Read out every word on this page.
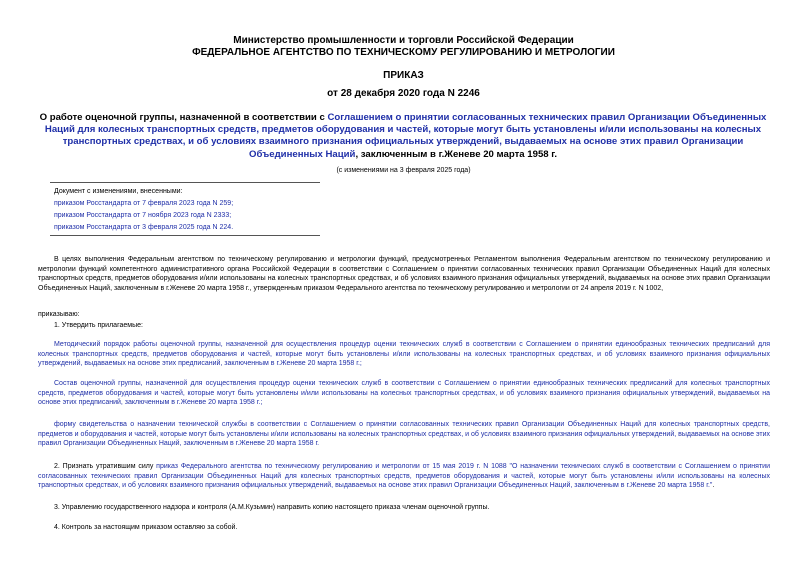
Министерство промышленности и торговли Российской Федерации
ФЕДЕРАЛЬНОЕ АГЕНТСТВО ПО ТЕХНИЧЕСКОМУ РЕГУЛИРОВАНИЮ И МЕТРОЛОГИИ
ПРИКАЗ
от 28 декабря 2020 года N 2246
О работе оценочной группы, назначенной в соответствии с Соглашением о принятии согласованных технических правил Организации Объединенных Наций для колесных транспортных средств, предметов оборудования и частей, которые могут быть установлены и/или использованы на колесных транспортных средствах, и об условиях взаимного признания официальных утверждений, выдаваемых на основе этих правил Организации Объединенных Наций, заключенным в г.Женеве 20 марта 1958 г.
(с изменениями на 3 февраля 2025 года)
Документ с изменениями, внесенными:
приказом Росстандарта от 7 февраля 2023 года N 259;
приказом Росстандарта от 7 ноября 2023 года N 2333;
приказом Росстандарта от 3 февраля 2025 года N 224.
В целях выполнения Федеральным агентством по техническому регулированию и метрологии функций, предусмотренных Регламентом выполнения Федеральным агентством по техническому регулированию и метрологии функций компетентного административного органа Российской Федерации в соответствии с Соглашением о принятии согласованных технических правил Организации Объединенных Наций для колесных транспортных средств, предметов оборудования и/или использованы на колесных транспортных средствах, и об условиях взаимного признания официальных утверждений, выдаваемых на основе этих правил Организации Объединенных Наций, заключенным в г.Женеве 20 марта 1958 г., утвержденным приказом Федерального агентства по техническому регулированию и метрологии от 24 апреля 2019 г. N 1002,
приказываю:
1. Утвердить прилагаемые:
Методический порядок работы оценочной группы, назначенной для осуществления процедур оценки технических служб в соответствии с Соглашением о принятии единообразных технических предписаний для колесных транспортных средств, предметов оборудования и частей, которые могут быть установлены и/или использованы на колесных транспортных средствах, и об условиях взаимного признания официальных утверждений, выдаваемых на основе этих предписаний, заключенным в г.Женеве 20 марта 1958 г.;
Состав оценочной группы, назначенной для осуществления процедур оценки технических служб в соответствии с Соглашением о принятии единообразных технических предписаний для колесных транспортных средств, предметов оборудования и частей, которые могут быть установлены и/или использованы на колесных транспортных средствах, и об условиях взаимного признания официальных утверждений, выдаваемых на основе этих предписаний, заключенным в г.Женеве 20 марта 1958 г.;
форму свидетельства о назначении технической службы в соответствии с Соглашением о принятии согласованных технических правил Организации Объединенных Наций для колесных транспортных средств, предметов и оборудования и частей, которые могут быть установлены и/или использованы на колесных транспортных средствах, и об условиях взаимного признания официальных утверждений, выдаваемых на основе этих правил Организации Объединенных Наций, заключенным в г.Женеве 20 марта 1958 г.
2. Признать утратившим силу приказ Федерального агентства по техническому регулированию и метрологии от 15 мая 2019 г. N 1088 "О назначении технических служб в соответствии с Соглашением о принятии согласованных технических правил Организации Объединенных Наций для колесных транспортных средств, предметов оборудования и частей, которые могут быть установлены и/или использованы на колесных транспортных средствах, и об условиях взаимного признания официальных утверждений, выдаваемых на основе этих правил Организации Объединенных Наций, заключенным в г.Женеве 20 марта 1958 г.".
3. Управлению государственного надзора и контроля (А.М.Кузьмин) направить копию настоящего приказа членам оценочной группы.
4. Контроль за настоящим приказом оставляю за собой.
